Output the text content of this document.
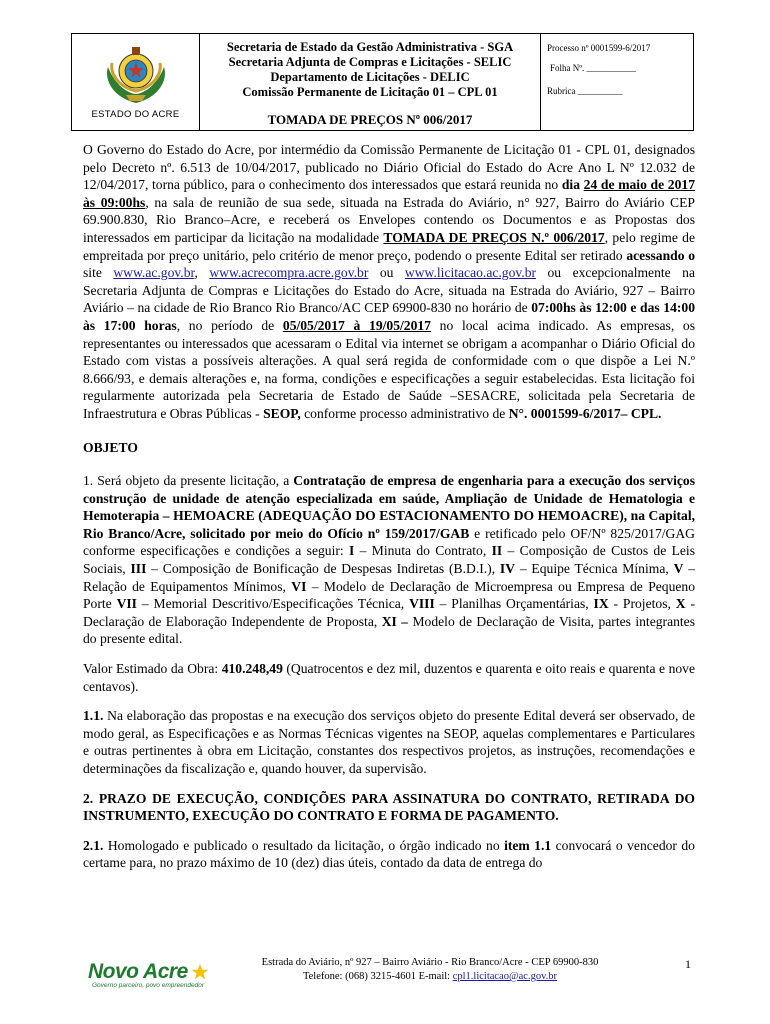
ESTADO DO ACRE
Secretaria de Estado da Gestão Administrativa - SGA
Secretaria Adjunta de Compras e Licitações - SELIC
Departamento de Licitações - DELIC
Comissão Permanente de Licitação 01 – CPL 01
TOMADA DE PREÇOS Nº 006/2017
Processo nº 0001599-6/2017
Folha Nº. ___________
Rubrica __________

O Governo do Estado do Acre, por intermédio da Comissão Permanente de Licitação 01 - CPL 01, designados pelo Decreto nº. 6.513 de 10/04/2017, publicado no Diário Oficial do Estado do Acre Ano L Nº 12.032 de 12/04/2017, torna público, para o conhecimento dos interessados que estará reunida no dia 24 de maio de 2017 às 09:00hs, na sala de reunião de sua sede, situada na Estrada do Aviário, n° 927, Bairro do Aviário CEP 69.900.830, Rio Branco–Acre, e receberá os Envelopes contendo os Documentos e as Propostas dos interessados em participar da licitação na modalidade TOMADA DE PREÇOS N.º 006/2017, pelo regime de empreitada por preço unitário, pelo critério de menor preço, podendo o presente Edital ser retirado acessando o site www.ac.gov.br, www.acrecompra.acre.gov.br ou www.licitacao.ac.gov.br ou excepcionalmente na Secretaria Adjunta de Compras e Licitações do Estado do Acre, situada na Estrada do Aviário, 927 – Bairro Aviário – na cidade de Rio Branco Rio Branco/AC CEP 69900-830 no horário de 07:00hs às 12:00 e das 14:00 às 17:00 horas, no período de 05/05/2017 à 19/05/2017 no local acima indicado. As empresas, os representantes ou interessados que acessaram o Edital via internet se obrigam a acompanhar o Diário Oficial do Estado com vistas a possíveis alterações. A qual será regida de conformidade com o que dispõe a Lei N.º 8.666/93, e demais alterações e, na forma, condições e especificações a seguir estabelecidas. Esta licitação foi regularmente autorizada pela Secretaria de Estado de Saúde –SESACRE, solicitada pela Secretaria de Infraestrutura e Obras Públicas - SEOP, conforme processo administrativo de N°. 0001599-6/2017– CPL.

OBJETO

1. Será objeto da presente licitação, a Contratação de empresa de engenharia para a execução dos serviços construção de unidade de atenção especializada em saúde, Ampliação de Unidade de Hematologia e Hemoterapia – HEMOACRE (ADEQUAÇÃO DO ESTACIONAMENTO DO HEMOACRE), na Capital, Rio Branco/Acre, solicitado por meio do Ofício nº 159/2017/GAB e retificado pelo OF/Nº 825/2017/GAG conforme especificações e condições a seguir: I – Minuta do Contrato, II – Composição de Custos de Leis Sociais, III – Composição de Bonificação de Despesas Indiretas (B.D.I.), IV – Equipe Técnica Mínima, V – Relação de Equipamentos Mínimos, VI – Modelo de Declaração de Microempresa ou Empresa de Pequeno Porte VII – Memorial Descritivo/Especificações Técnica, VIII – Planilhas Orçamentárias, IX - Projetos, X - Declaração de Elaboração Independente de Proposta, XI – Modelo de Declaração de Visita, partes integrantes do presente edital.

Valor Estimado da Obra: 410.248,49 (Quatrocentos e dez mil, duzentos e quarenta e oito reais e quarenta e nove centavos).

1.1. Na elaboração das propostas e na execução dos serviços objeto do presente Edital deverá ser observado, de modo geral, as Especificações e as Normas Técnicas vigentes na SEOP, aquelas complementares e Particulares e outras pertinentes à obra em Licitação, constantes dos respectivos projetos, as instruções, recomendações e determinações da fiscalização e, quando houver, da supervisão.

2. PRAZO DE EXECUÇÃO, CONDIÇÕES PARA ASSINATURA DO CONTRATO, RETIRADA DO INSTRUMENTO, EXECUÇÃO DO CONTRATO E FORMA DE PAGAMENTO.

2.1. Homologado e publicado o resultado da licitação, o órgão indicado no item 1.1 convocará o vencedor do certame para, no prazo máximo de 10 (dez) dias úteis, contado da data de entrega do

Novo Acre
Governo parceiro, povo empreendedor
Estrada do Aviário, nº 927 – Bairro Aviário - Rio Branco/Acre - CEP 69900-830
Telefone: (068) 3215-4601 E-mail: cpl1.licitacao@ac.gov.br
1
